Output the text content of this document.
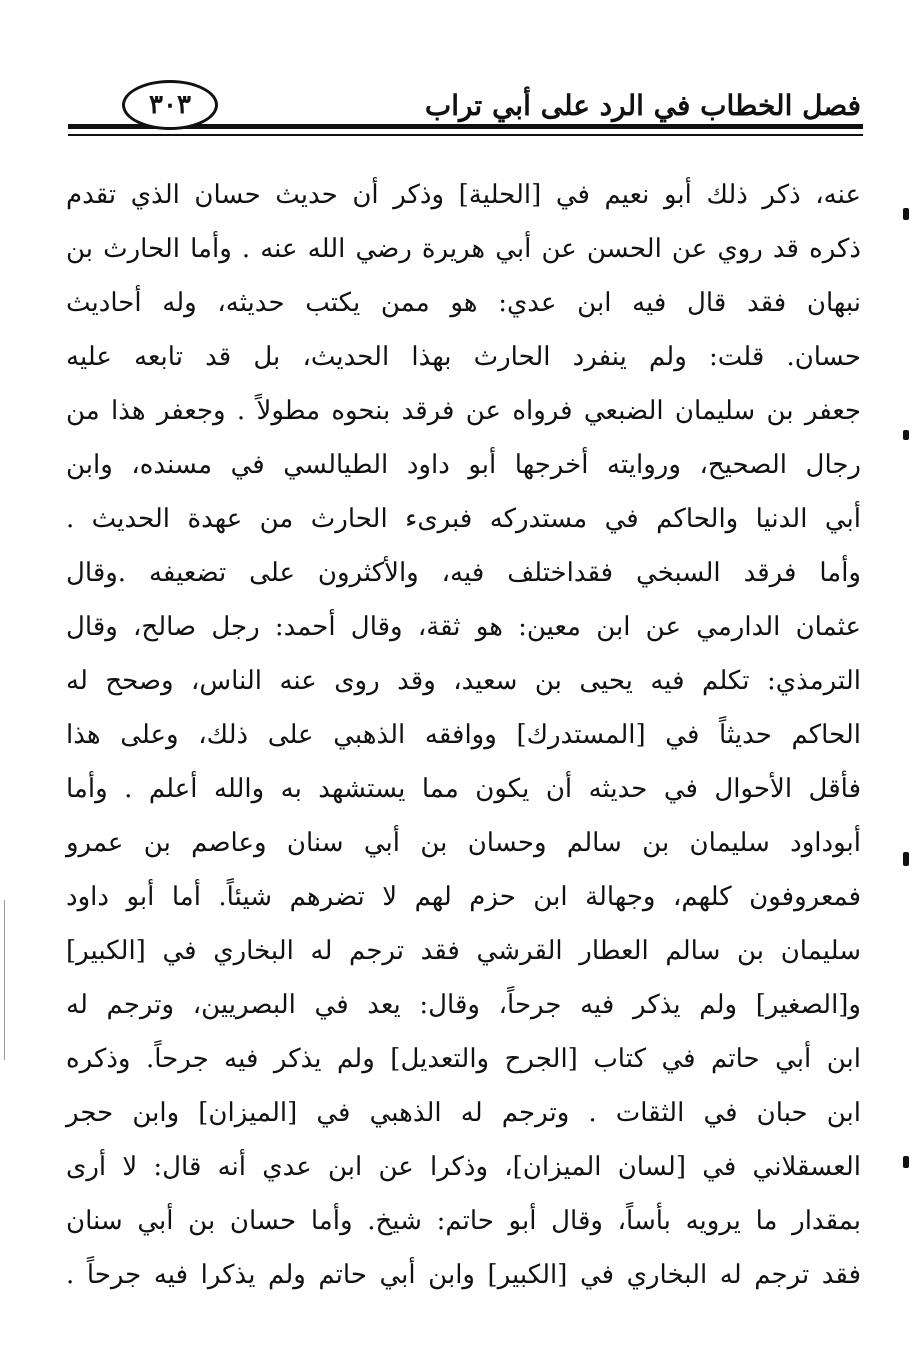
فصل الخطاب في الرد على أبي تراب
٣٠٣
عنه، ذكر ذلك أبو نعيم في [الحلية] وذكر أن حديث حسان الذي تقدم
ذكره قد روي عن الحسن عن أبي هريرة رضي الله عنه . وأما الحارث بن
نبهان فقد قال فيه ابن عدي: هو ممن يكتب حديثه، وله أحاديث
حسان. قلت: ولم ينفرد الحارث بهذا الحديث، بل قد تابعه عليه
جعفر بن سليمان الضبعي فرواه عن فرقد بنحوه مطولاً . وجعفر هذا من
رجال الصحيح، وروايته أخرجها أبو داود الطيالسي في مسنده، وابن
أبي الدنيا والحاكم في مستدركه فبرىء الحارث من عهدة الحديث .
وأما فرقد السبخي فقداختلف فيه، والأكثرون على تضعيفه .وقال
عثمان الدارمي عن ابن معين: هو ثقة، وقال أحمد: رجل صالح، وقال
الترمذي: تكلم فيه يحيى بن سعيد، وقد روى عنه الناس، وصحح له
الحاكم حديثاً في [المستدرك] ووافقه الذهبي على ذلك، وعلى هذا
فأقل الأحوال في حديثه أن يكون مما يستشهد به والله أعلم . وأما
أبوداود سليمان بن سالم وحسان بن أبي سنان وعاصم بن عمرو
فمعروفون كلهم، وجهالة ابن حزم لهم لا تضرهم شيئاً. أما أبو داود
سليمان بن سالم العطار القرشي فقد ترجم له البخاري في [الكبير]
و[الصغير] ولم يذكر فيه جرحاً، وقال: يعد في البصريين، وترجم له
ابن أبي حاتم في كتاب [الجرح والتعديل] ولم يذكر فيه جرحاً. وذكره
ابن حبان في الثقات . وترجم له الذهبي في [الميزان] وابن حجر
العسقلاني في [لسان الميزان]، وذكرا عن ابن عدي أنه قال: لا أرى
بمقدار ما يرويه بأساً، وقال أبو حاتم: شيخ. وأما حسان بن أبي سنان
فقد ترجم له البخاري في [الكبير] وابن أبي حاتم ولم يذكرا فيه جرحاً .
